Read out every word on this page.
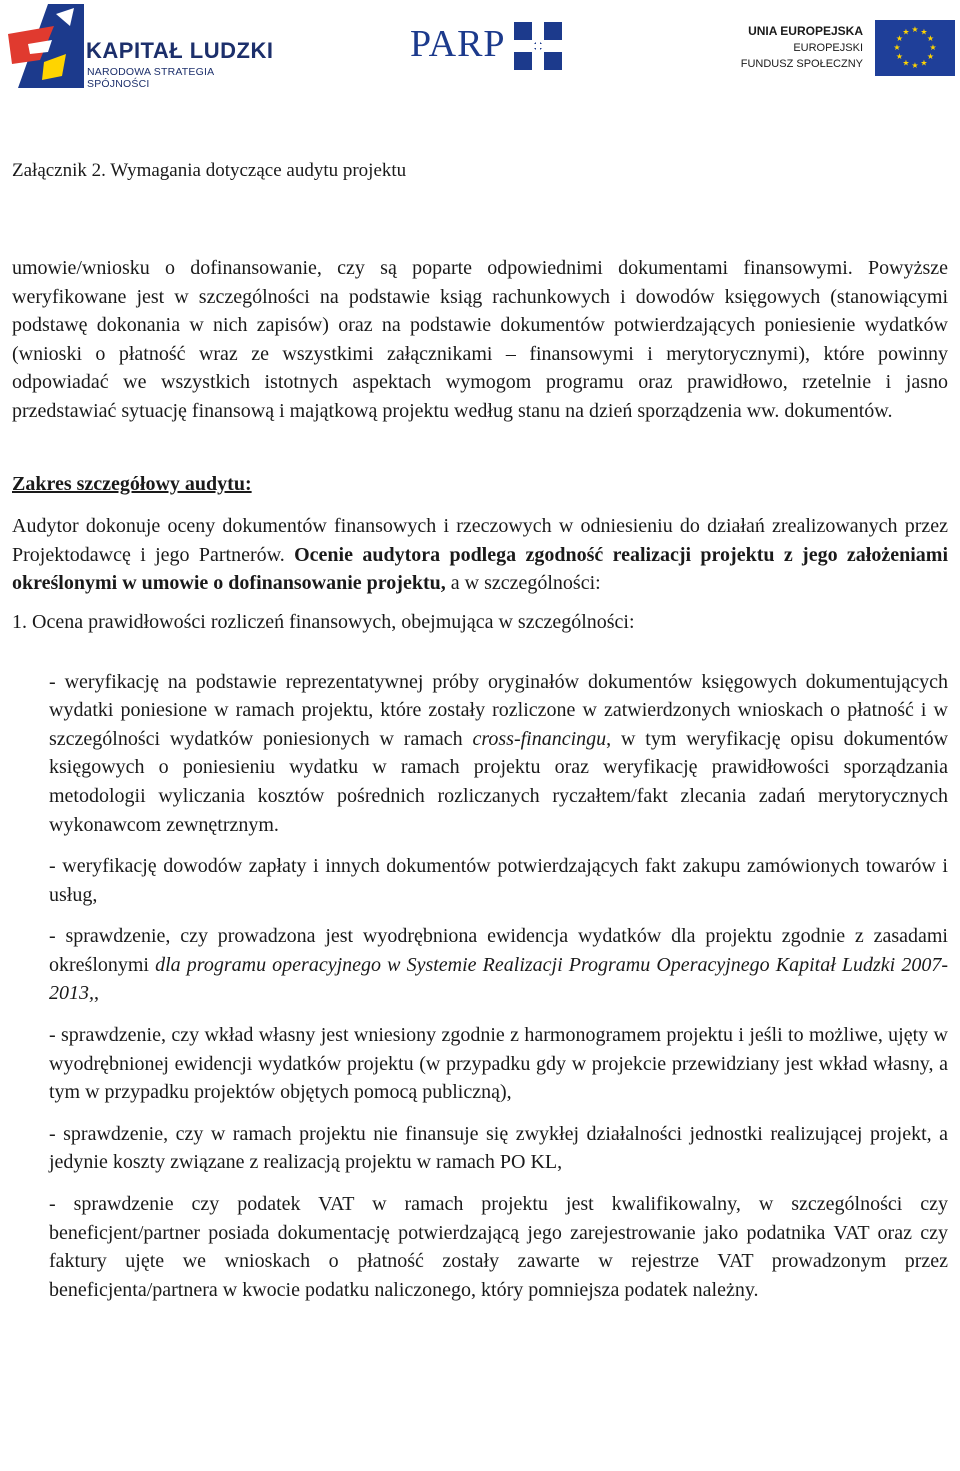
KAPITAŁ LUDZKI
NARODOWA STRATEGIA SPÓJNOŚCI
PARP	UNIA EUROPEJSKA
EUROPEJSKI
FUNDUSZ SPOŁECZNY
★ ★
★
★
★
★
★
★
★
★
★
★
Załącznik 2. Wymagania dotyczące audytu projektu

umowie/wniosku o dofinansowanie, czy są poparte odpowiednimi dokumentami finansowymi. Powyższe weryfikowane jest w szczególności na podstawie ksiąg rachunkowych i dowodów księgowych (stanowiącymi podstawę dokonania w nich zapisów) oraz na podstawie dokumentów potwierdzających poniesienie wydatków (wnioski o płatność wraz ze wszystkimi załącznikami – finansowymi i merytorycznymi), które powinny odpowiadać we wszystkich istotnych aspektach wymogom programu oraz prawidłowo, rzetelnie i jasno przedstawiać sytuację finansową i majątkową projektu według stanu na dzień sporządzenia ww. dokumentów.

Zakres szczegółowy audytu:

Audytor dokonuje oceny dokumentów finansowych i rzeczowych w odniesieniu do działań zrealizowanych przez Projektodawcę i jego Partnerów. Ocenie audytora podlega zgodność realizacji projektu z jego założeniami określonymi w umowie o dofinansowanie projektu, a w szczególności:

1. Ocena prawidłowości rozliczeń finansowych, obejmująca w szczególności:

- weryfikację na podstawie reprezentatywnej próby oryginałów dokumentów księgowych dokumentujących wydatki poniesione w ramach projektu, które zostały rozliczone w zatwierdzonych wnioskach o płatność i w szczególności wydatków poniesionych w ramach cross-financingu, w tym weryfikację opisu dokumentów księgowych o poniesieniu wydatku w ramach projektu oraz weryfikację prawidłowości sporządzania metodologii wyliczania kosztów pośrednich rozliczanych ryczałtem/fakt zlecania zadań merytorycznych wykonawcom zewnętrznym.

- weryfikację dowodów zapłaty i innych dokumentów potwierdzających fakt zakupu zamówionych towarów i usług,

- sprawdzenie, czy prowadzona jest wyodrębniona ewidencja wydatków dla projektu zgodnie z zasadami określonymi dla programu operacyjnego w Systemie Realizacji Programu Operacyjnego Kapitał Ludzki 2007-2013,,

- sprawdzenie, czy wkład własny jest wniesiony zgodnie z harmonogramem projektu i jeśli to możliwe, ujęty w wyodrębnionej ewidencji wydatków projektu (w przypadku gdy w projekcie przewidziany jest wkład własny, a tym w przypadku projektów objętych pomocą publiczną),

- sprawdzenie, czy w ramach projektu nie finansuje się zwykłej działalności jednostki realizującej projekt, a jedynie koszty związane z realizacją projektu w ramach PO KL,

- sprawdzenie czy podatek VAT w ramach projektu jest kwalifikowalny, w szczególności czy beneficjent/partner posiada dokumentację potwierdzającą jego zarejestrowanie jako podatnika VAT oraz czy faktury ujęte we wnioskach o płatność zostały zawarte w rejestrze VAT prowadzonym przez beneficjenta/partnera w kwocie podatku naliczonego, który pomniejsza podatek należny.
